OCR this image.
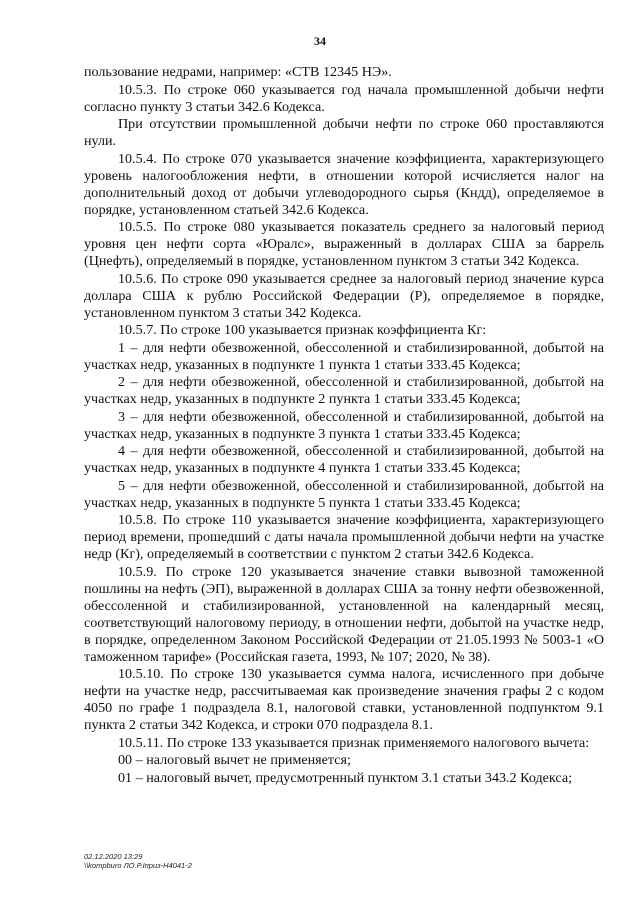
34

пользование недрами, например: «СТВ 12345 НЭ».

10.5.3. По строке 060 указывается год начала промышленной добычи нефти согласно пункту 3 статьи 342.6 Кодекса.

При отсутствии промышленной добычи нефти по строке 060 проставляются нули.

10.5.4. По строке 070 указывается значение коэффициента, характеризующего уровень налогообложения нефти, в отношении которой исчисляется налог на дополнительный доход от добычи углеводородного сырья (Кндд), определяемое в порядке, установленном статьей 342.6 Кодекса.

10.5.5. По строке 080 указывается показатель среднего за налоговый период уровня цен нефти сорта «Юралс», выраженный в долларах США за баррель (Цнефть), определяемый в порядке, установленном пунктом 3 статьи 342 Кодекса.

10.5.6. По строке 090 указывается среднее за налоговый период значение курса доллара США к рублю Российской Федерации (Р), определяемое в порядке, установленном пунктом 3 статьи 342 Кодекса.

10.5.7. По строке 100 указывается признак коэффициента Кг:

1 – для нефти обезвоженной, обессоленной и стабилизированной, добытой на участках недр, указанных в подпункте 1 пункта 1 статьи 333.45 Кодекса;

2 – для нефти обезвоженной, обессоленной и стабилизированной, добытой на участках недр, указанных в подпункте 2 пункта 1 статьи 333.45 Кодекса;

3 – для нефти обезвоженной, обессоленной и стабилизированной, добытой на участках недр, указанных в подпункте 3 пункта 1 статьи 333.45 Кодекса;

4 – для нефти обезвоженной, обессоленной и стабилизированной, добытой на участках недр, указанных в подпункте 4 пункта 1 статьи 333.45 Кодекса;

5 – для нефти обезвоженной, обессоленной и стабилизированной, добытой на участках недр, указанных в подпункте 5 пункта 1 статьи 333.45 Кодекса;

10.5.8. По строке 110 указывается значение коэффициента, характеризующего период времени, прошедший с даты начала промышленной добычи нефти на участке недр (Кг), определяемый в соответствии с пунктом 2 статьи 342.6 Кодекса.

10.5.9. По строке 120 указывается значение ставки вывозной таможенной пошлины на нефть (ЭП), выраженной в долларах США за тонну нефти обезвоженной, обессоленной и стабилизированной, установленной на календарный месяц, соответствующий налоговому периоду, в отношении нефти, добытой на участке недр, в порядке, определенном Законом Российской Федерации от 21.05.1993 № 5003-1 «О таможенном тарифе» (Российская газета, 1993, № 107; 2020, № 38).

10.5.10. По строке 130 указывается сумма налога, исчисленного при добыче нефти на участке недр, рассчитываемая как произведение значения графы 2 с кодом 4050 по графе 1 подраздела 8.1, налоговой ставки, установленной подпунктом 9.1 пункта 2 статьи 342 Кодекса, и строки 070 подраздела 8.1.

10.5.11. По строке 133 указывается признак применяемого налогового вычета:

00 – налоговый вычет не применяется;

01 – налоговый вычет, предусмотренный пунктом 3.1 статьи 343.2 Кодекса;

02.12.2020 13:29
\\kompburo ЛО.Р.Іприз-Н4041-2
